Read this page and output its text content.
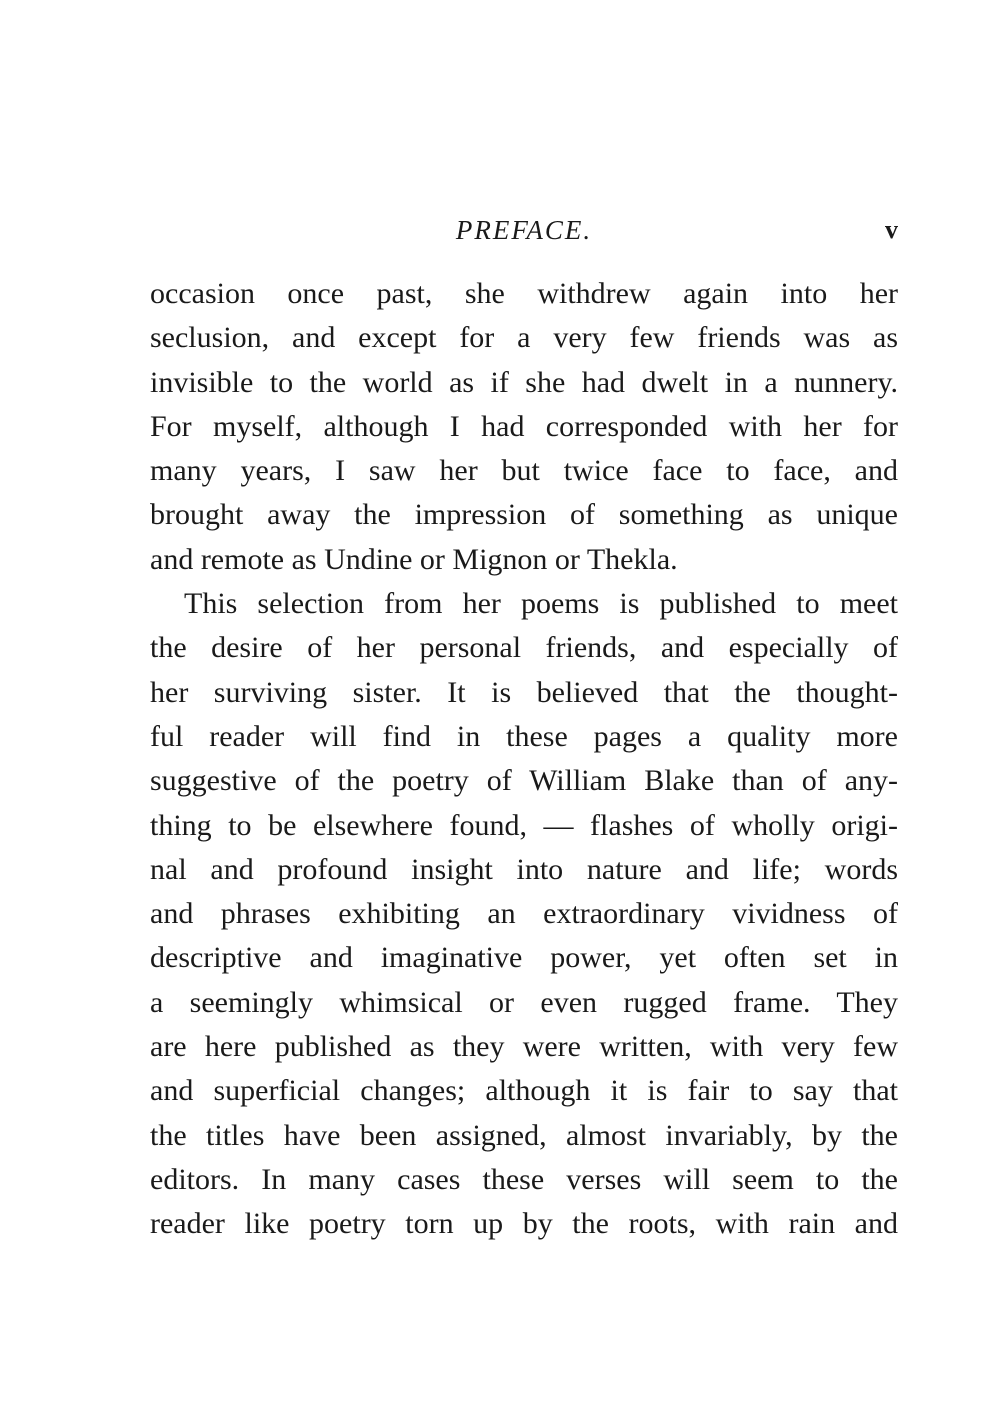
PREFACE.	v
occasion once past, she withdrew again into her
seclusion, and except for a very few friends was as
invisible to the world as if she had dwelt in a nunnery.
For myself, although I had corresponded with her for
many years, I saw her but twice face to face, and
brought away the impression of something as unique
and remote as Undine or Mignon or Thekla.
This selection from her poems is published to meet
the desire of her personal friends, and especially of
her surviving sister. It is believed that the thought-
ful reader will find in these pages a quality more
suggestive of the poetry of William Blake than of any-
thing to be elsewhere found, — flashes of wholly origi-
nal and profound insight into nature and life; words
and phrases exhibiting an extraordinary vividness of
descriptive and imaginative power, yet often set in
a seemingly whimsical or even rugged frame. They
are here published as they were written, with very few
and superficial changes; although it is fair to say that
the titles have been assigned, almost invariably, by the
editors. In many cases these verses will seem to the
reader like poetry torn up by the roots, with rain and
